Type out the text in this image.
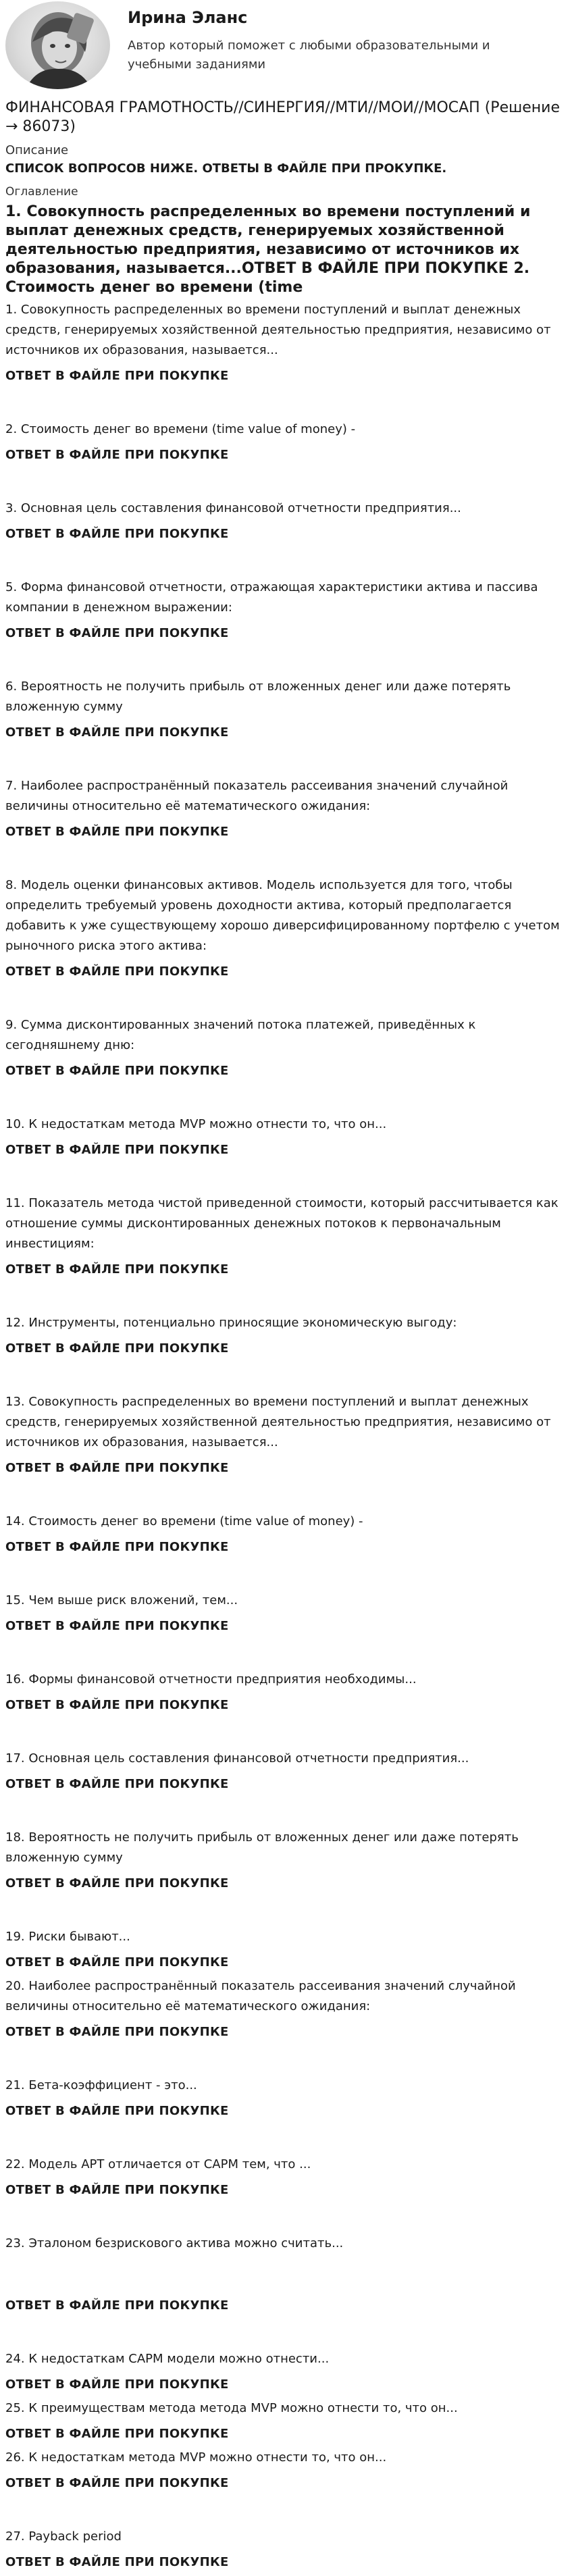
Ирина Эланс
Автор который поможет с любыми образовательными и учебными заданиями
ФИНАНСОВАЯ ГРАМОТНОСТЬ//СИНЕРГИЯ//МТИ//МОИ//МОСАП (Решение → 86073)
Описание
СПИСОК ВОПРОСОВ НИЖЕ. ОТВЕТЫ В ФАЙЛЕ ПРИ ПРОКУПКЕ.
Оглавление
1. Совокупность распределенных во времени поступлений и выплат денежных средств, генерируемых хозяйственной деятельностью предприятия, независимо от источников их образования, называется...ОТВЕТ В ФАЙЛЕ ПРИ ПОКУПКЕ 2. Стоимость денег во времени (time
1. Совокупность распределенных во времени поступлений и выплат денежных средств, генерируемых хозяйственной деятельностью предприятия, независимо от источников их образования, называется...
ОТВЕТ В ФАЙЛЕ ПРИ ПОКУПКЕ
2. Стоимость денег во времени (time value of money) -
ОТВЕТ В ФАЙЛЕ ПРИ ПОКУПКЕ
3. Основная цель составления финансовой отчетности предприятия...
ОТВЕТ В ФАЙЛЕ ПРИ ПОКУПКЕ
5. Форма финансовой отчетности, отражающая характеристики актива и пассива компании в денежном выражении:
ОТВЕТ В ФАЙЛЕ ПРИ ПОКУПКЕ
6. Вероятность не получить прибыль от вложенных денег или даже потерять вложенную сумму
ОТВЕТ В ФАЙЛЕ ПРИ ПОКУПКЕ
7. Наиболее распространённый показатель рассеивания значений случайной величины относительно её математического ожидания:
ОТВЕТ В ФАЙЛЕ ПРИ ПОКУПКЕ
8. Модель оценки финансовых активов. Модель используется для того, чтобы определить требуемый уровень доходности актива, который предполагается добавить к уже существующему хорошо диверсифицированному портфелю с учетом рыночного риска этого актива:
ОТВЕТ В ФАЙЛЕ ПРИ ПОКУПКЕ
9. Сумма дисконтированных значений потока платежей, приведённых к сегодняшнему дню:
ОТВЕТ В ФАЙЛЕ ПРИ ПОКУПКЕ
10. К недостаткам метода MVP можно отнести то, что он...
ОТВЕТ В ФАЙЛЕ ПРИ ПОКУПКЕ
11. Показатель метода чистой приведенной стоимости, который рассчитывается как отношение суммы дисконтированных денежных потоков к первоначальным инвестициям:
ОТВЕТ В ФАЙЛЕ ПРИ ПОКУПКЕ
12. Инструменты, потенциально приносящие экономическую выгоду:
ОТВЕТ В ФАЙЛЕ ПРИ ПОКУПКЕ
13. Совокупность распределенных во времени поступлений и выплат денежных средств, генерируемых хозяйственной деятельностью предприятия, независимо от источников их образования, называется...
ОТВЕТ В ФАЙЛЕ ПРИ ПОКУПКЕ
14. Стоимость денег во времени (time value of money) -
ОТВЕТ В ФАЙЛЕ ПРИ ПОКУПКЕ
15. Чем выше риск вложений, тем...
ОТВЕТ В ФАЙЛЕ ПРИ ПОКУПКЕ
16. Формы финансовой отчетности предприятия необходимы...
ОТВЕТ В ФАЙЛЕ ПРИ ПОКУПКЕ
17. Основная цель составления финансовой отчетности предприятия...
ОТВЕТ В ФАЙЛЕ ПРИ ПОКУПКЕ
18. Вероятность не получить прибыль от вложенных денег или даже потерять вложенную сумму
ОТВЕТ В ФАЙЛЕ ПРИ ПОКУПКЕ
19. Риски бывают...
ОТВЕТ В ФАЙЛЕ ПРИ ПОКУПКЕ
20. Наиболее распространённый показатель рассеивания значений случайной величины относительно её математического ожидания:
ОТВЕТ В ФАЙЛЕ ПРИ ПОКУПКЕ
21. Бета-коэффициент - это...
ОТВЕТ В ФАЙЛЕ ПРИ ПОКУПКЕ
22. Модель APT отличается от CAPM тем, что ...
ОТВЕТ В ФАЙЛЕ ПРИ ПОКУПКЕ
23. Эталоном безрискового актива можно считать...
ОТВЕТ В ФАЙЛЕ ПРИ ПОКУПКЕ
24. К недостаткам CAPM модели можно отнести...
ОТВЕТ В ФАЙЛЕ ПРИ ПОКУПКЕ
25. К преимуществам метода метода MVP можно отнести то, что он...
ОТВЕТ В ФАЙЛЕ ПРИ ПОКУПКЕ
26. К недостаткам метода MVP можно отнести то, что он...
ОТВЕТ В ФАЙЛЕ ПРИ ПОКУПКЕ
27. Payback period
ОТВЕТ В ФАЙЛЕ ПРИ ПОКУПКЕ
